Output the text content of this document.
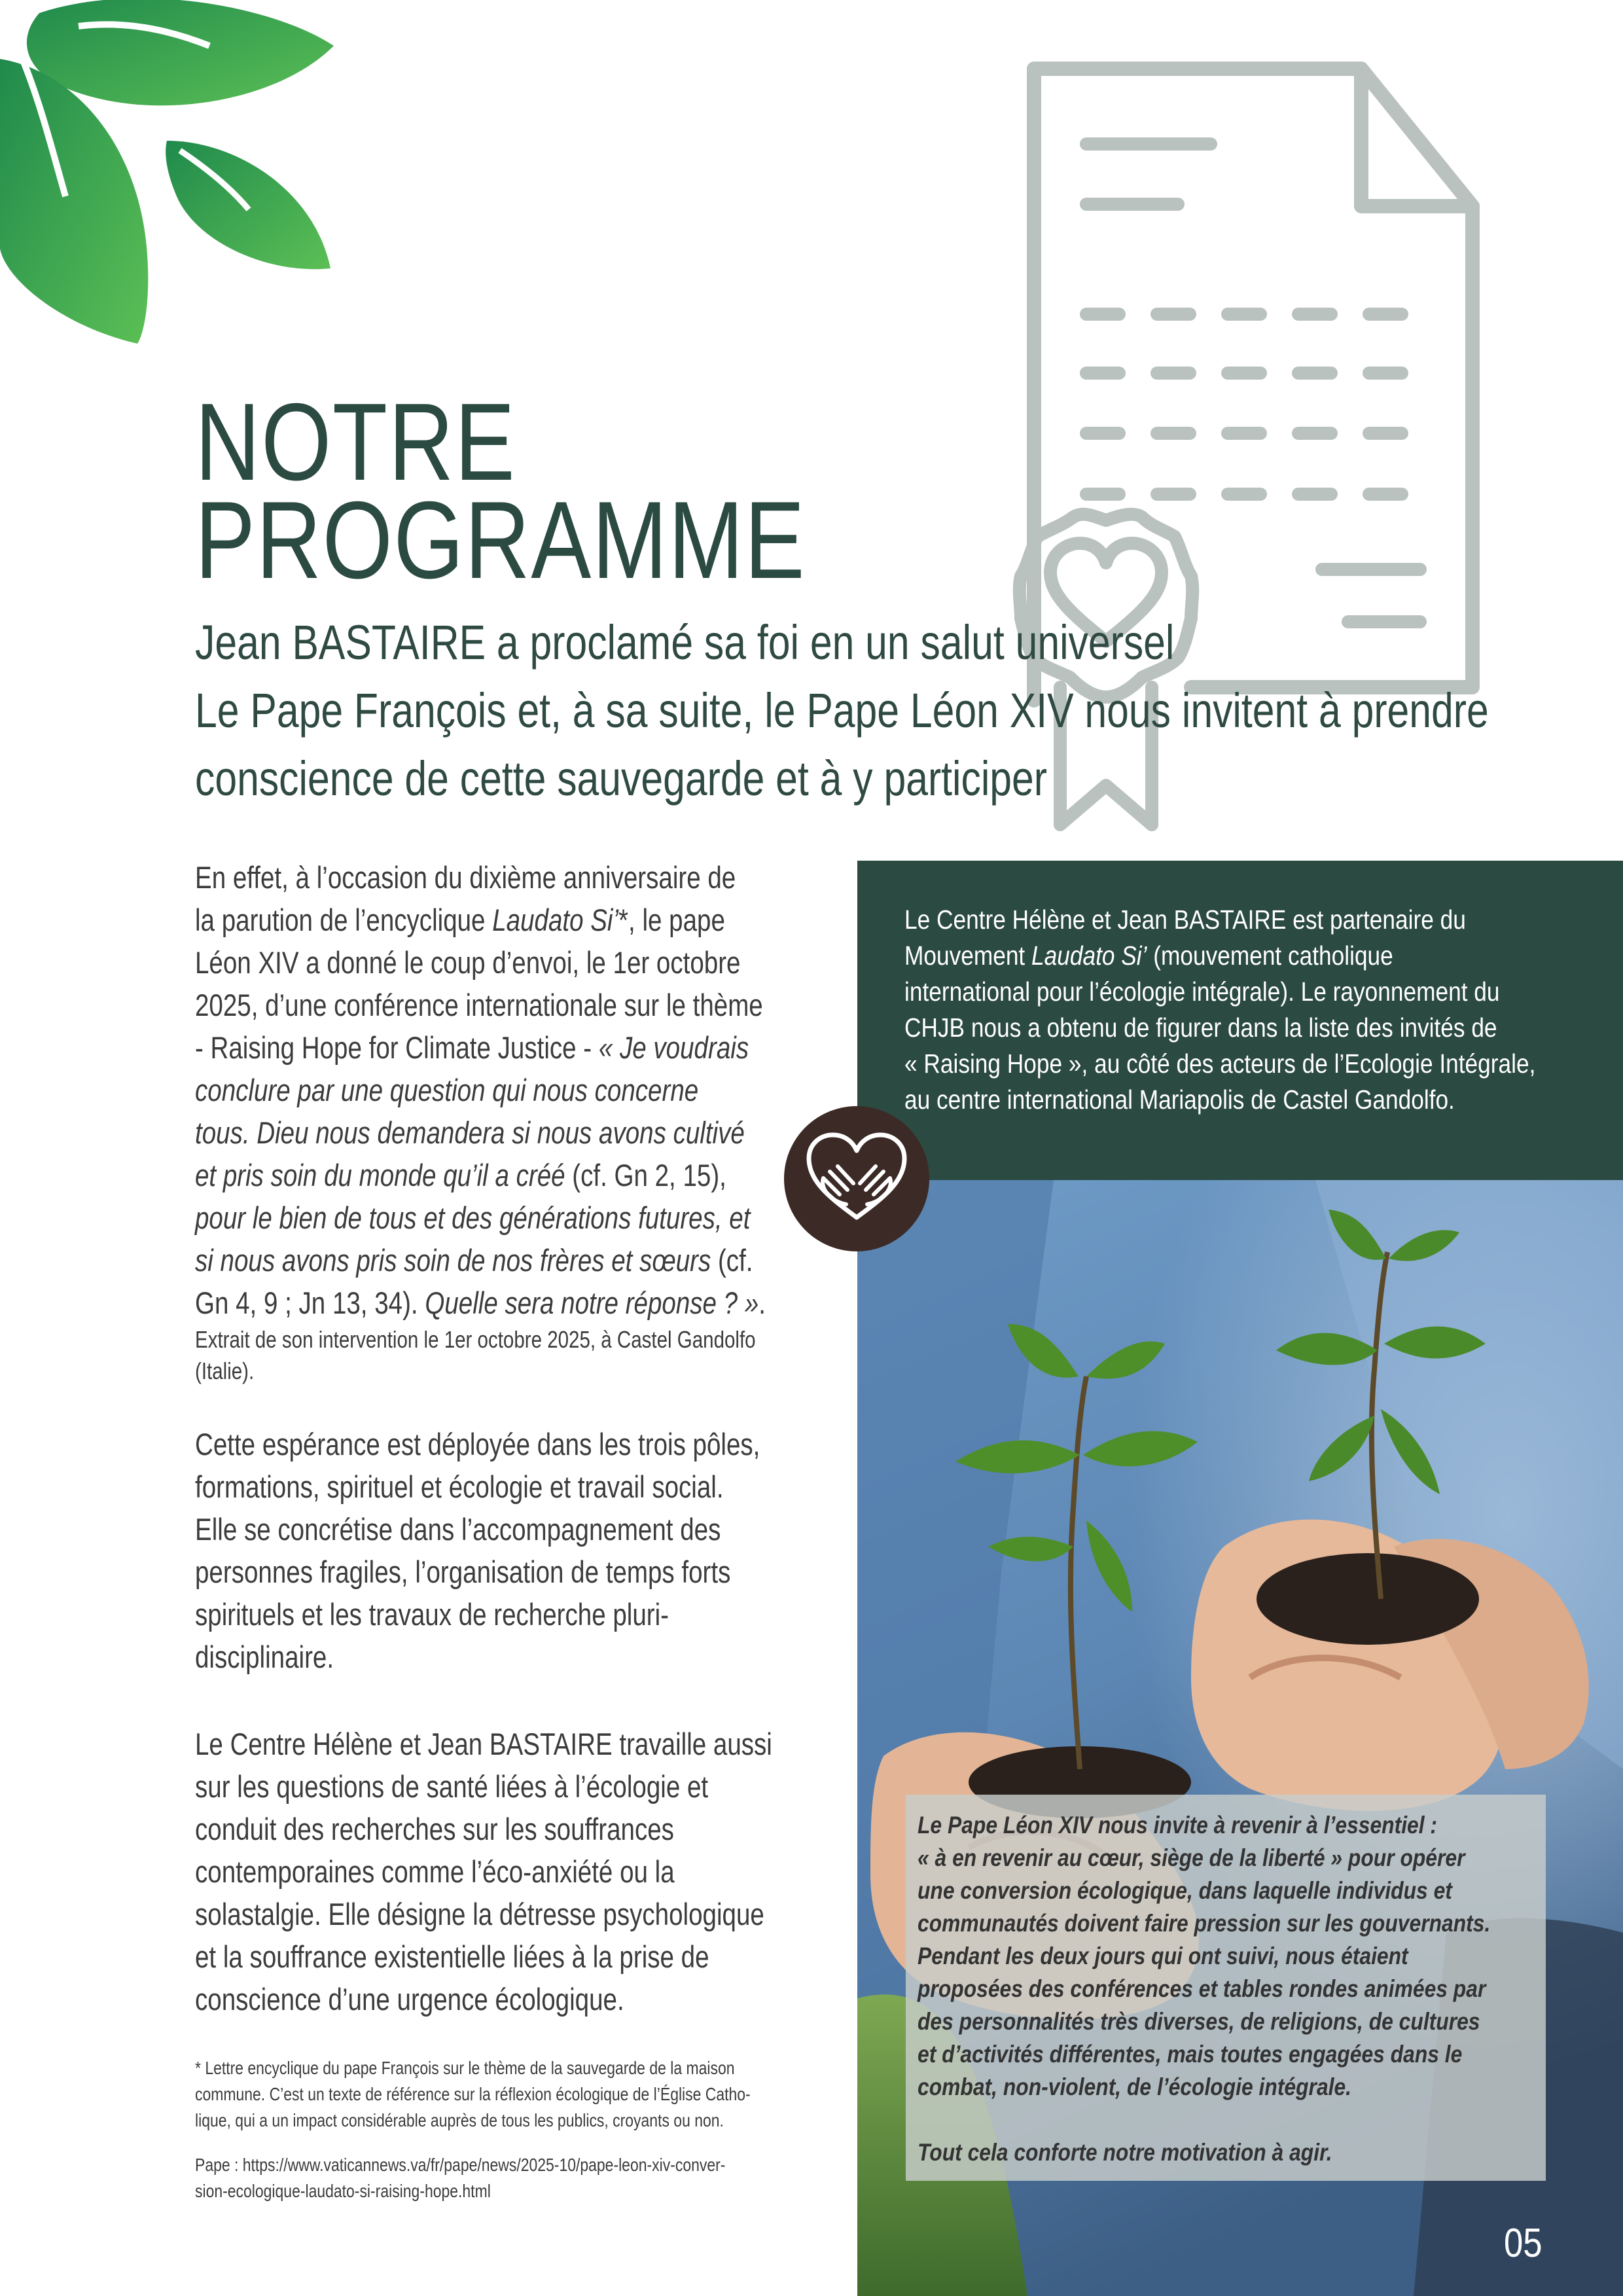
NOTRE
PROGRAMME
Jean BASTAIRE a proclamé sa foi en un salut universel
Le Pape François et, à sa suite, le Pape Léon XIV nous invitent à prendre
conscience de cette sauvegarde et à y participer
En effet, à l’occasion du dixième anniversaire de
la parution de l’encyclique Laudato Si’*, le pape
Léon XIV a donné le coup d’envoi, le 1er octobre
2025, d’une conférence internationale sur le thème
- Raising Hope for Climate Justice - « Je voudrais
conclure par une question qui nous concerne
tous. Dieu nous demandera si nous avons cultivé
et pris soin du monde qu’il a créé (cf. Gn 2, 15),
pour le bien de tous et des générations futures, et
si nous avons pris soin de nos frères et sœurs (cf.
Gn 4, 9 ; Jn 13, 34). Quelle sera notre réponse ? ».
Extrait de son intervention le 1er octobre 2025, à Castel Gandolfo
(Italie).
Cette espérance est déployée dans les trois pôles,
formations, spirituel et écologie et travail social.
Elle se concrétise dans l’accompagnement des
personnes fragiles, l’organisation de temps forts
spirituels et les travaux de recherche pluri-
disciplinaire.
Le Centre Hélène et Jean BASTAIRE travaille aussi
sur les questions de santé liées à l’écologie et
conduit des recherches sur les souffrances
contemporaines comme l’éco-anxiété ou la
solastalgie. Elle désigne la détresse psychologique
et la souffrance existentielle liées à la prise de
conscience d’une urgence écologique.
* Lettre encyclique du pape François sur le thème de la sauvegarde de la maison
commune. C’est un texte de référence sur la réflexion écologique de l’Église Catho-
lique, qui a un impact considérable auprès de tous les publics, croyants ou non.
Pape : https://www.vaticannews.va/fr/pape/news/2025-10/pape-leon-xiv-conver-
sion-ecologique-laudato-si-raising-hope.html
Le Centre Hélène et Jean BASTAIRE est partenaire du
Mouvement Laudato Si’ (mouvement catholique
international pour l’écologie intégrale). Le rayonnement du
CHJB nous a obtenu de figurer dans la liste des invités de
« Raising Hope », au côté des acteurs de l’Ecologie Intégrale,
au centre international Mariapolis de Castel Gandolfo.
Le Pape Léon XIV nous invite à revenir à l’essentiel :
« à en revenir au cœur, siège de la liberté » pour opérer
une conversion écologique, dans laquelle individus et
communautés doivent faire pression sur les gouvernants.
Pendant les deux jours qui ont suivi, nous étaient
proposées des conférences et tables rondes animées par
des personnalités très diverses, de religions, de cultures
et d’activités différentes, mais toutes engagées dans le
combat, non-violent, de l’écologie intégrale.
Tout cela conforte notre motivation à agir.
05
